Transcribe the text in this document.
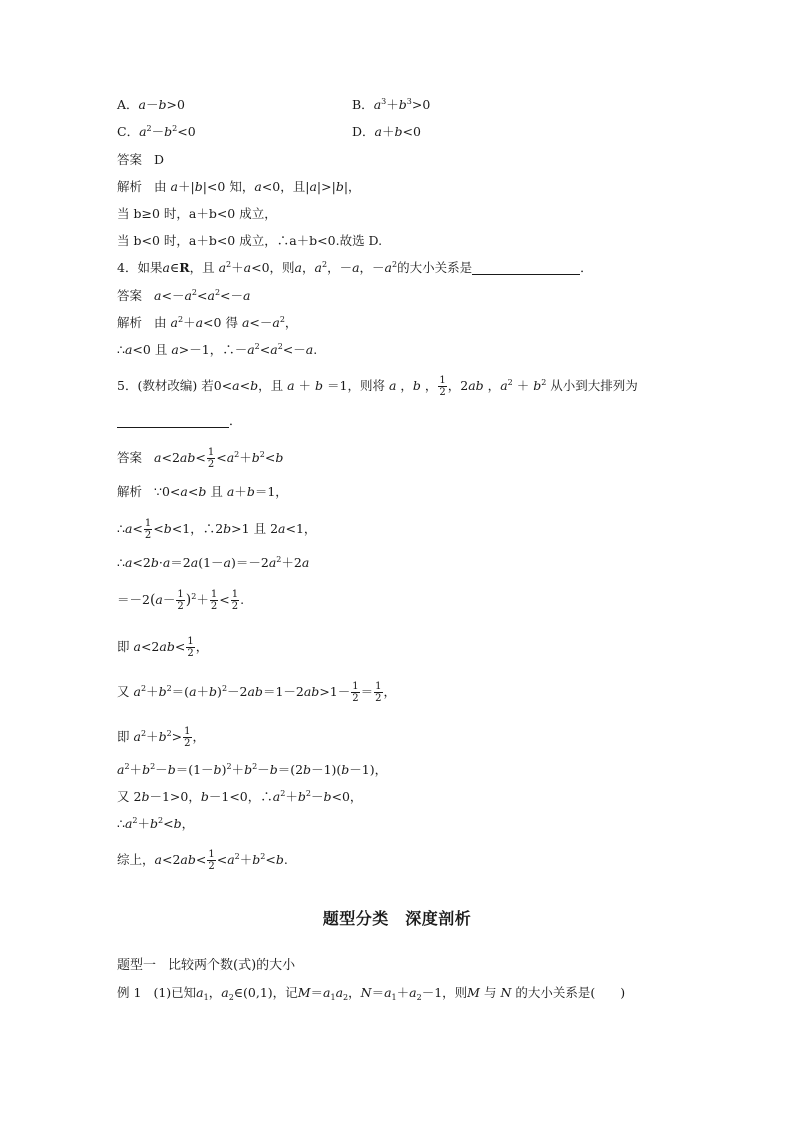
A．a－b>0	B．$a^3+b^3>0$
C．$a^2-b^2<0$	D．a＋b<0
答案 D
解析 由 a＋|b|<0 知，a<0，且|a|>|b|，
当 b≥0 时，a＋b<0 成立，
当 b<0 时，a＋b<0 成立，∴a＋b<0.故选 D.
4．如果a∈R，且 $a^2+a<0$，则a，$a^2$，－a，$-a^2$的大小关系是	．
答案 $a<-a^2<a^2<-a$
解析 由 $a^2+a<0$ 得 $a<-a^2$，
∴a<0 且 a>－1，$\therefore-a^2<a^2<-a$.
5．(教材改编) 若0<a<b，且 a ＋ b ＝1，则将 a ，b ， $\frac{1}{2}$ ，2ab ，$a^2 + b^2$ 从小到大排列为
．
答案 $a<2ab< \frac{1}{2} <a^2+b^2<b$
解析 ∵0<a<b 且 a＋b＝1，
∴a< $\frac{1}{2} <b<1$，∴2b>1 且 2a<1，
$\therefore a<2b\cdot a=2a(1-a)=-2a^2+2a$
$=-2(a- \frac{1}{2} )^2+ \frac{1}{2} < \frac{1}{2}$ .
即 $a<2ab< \frac{1}{2}$ ，
又 $a^2+b^2=(a+b)^2-2ab=1-2ab>1- \frac{1}{2} = \frac{1}{2}$ ，
即 $a^2+b^2> \frac{1}{2}$ ，
$a^2+b^2-b=(1-b)^2+b^2-b=(2b-1)(b-1)$，
又 2b－1>0，b－1<0，$\therefore a^2+b^2-b<0$，
$\therefore a^2+b^2<b$，
综上，$a<2ab< \frac{1}{2} <a^2+b^2<b$.
题型分类　深度剖析
题型一 比较两个数(式)的大小
例 1 (1)已知$a_1$，$a_2\in(0,1)$，记$M=a_1a_2$，$N=a_1+a_2-1$，则M 与 N 的大小关系是(　　)
